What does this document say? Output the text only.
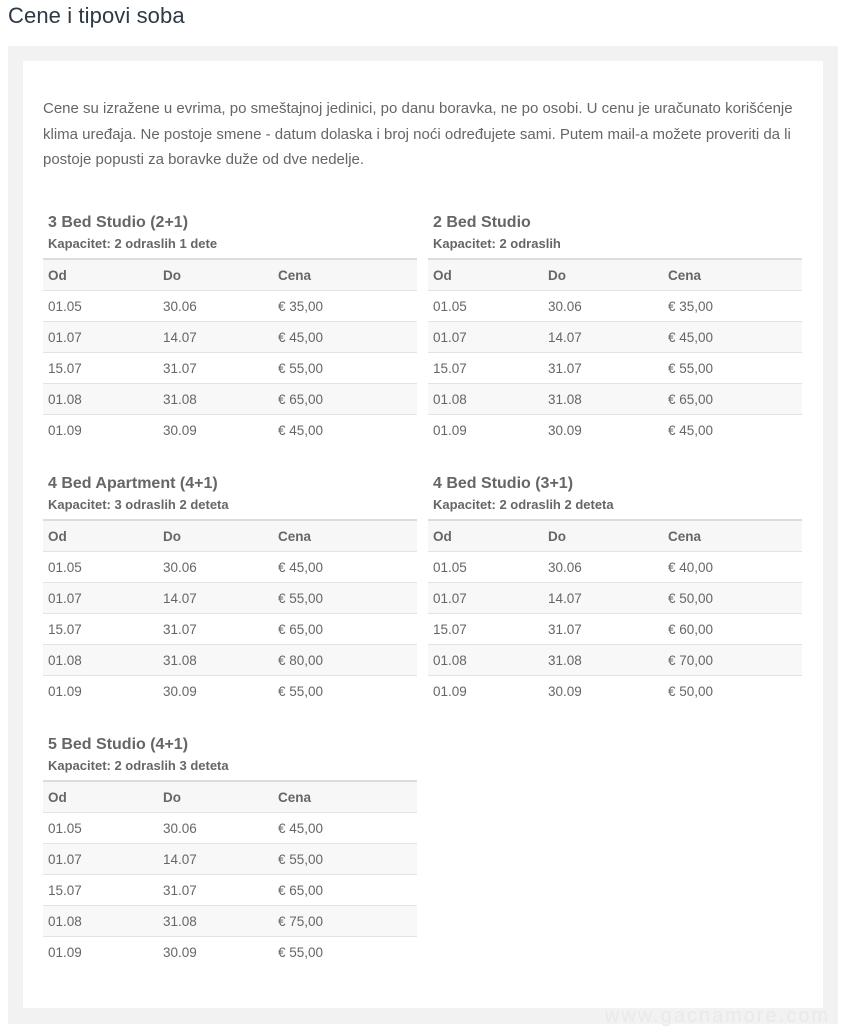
Cene i tipovi soba

Cene su izražene u evrima, po smeštajnoj jedinici, po danu boravka, ne po osobi. U cenu je uračunato korišćenje klima uređaja. Ne postoje smene - datum dolaska i broj noći određujete sami. Putem mail-a možete proveriti da li postoje popusti za boravke duže od dve nedelje.

3 Bed Studio (2+1)
Kapacitet: 2 odraslih 1 dete
Od	Do	Cena
01.05	30.06	€ 35,00
01.07	14.07	€ 45,00
15.07	31.07	€ 55,00
01.08	31.08	€ 65,00
01.09	30.09	€ 45,00
2 Bed Studio
Kapacitet: 2 odraslih
Od	Do	Cena
01.05	30.06	€ 35,00
01.07	14.07	€ 45,00
15.07	31.07	€ 55,00
01.08	31.08	€ 65,00
01.09	30.09	€ 45,00
4 Bed Apartment (4+1)
Kapacitet: 3 odraslih 2 deteta
Od	Do	Cena
01.05	30.06	€ 45,00
01.07	14.07	€ 55,00
15.07	31.07	€ 65,00
01.08	31.08	€ 80,00
01.09	30.09	€ 55,00
4 Bed Studio (3+1)
Kapacitet: 2 odraslih 2 deteta
Od	Do	Cena
01.05	30.06	€ 40,00
01.07	14.07	€ 50,00
15.07	31.07	€ 60,00
01.08	31.08	€ 70,00
01.09	30.09	€ 50,00
5 Bed Studio (4+1)
Kapacitet: 2 odraslih 3 deteta
Od	Do	Cena
01.05	30.06	€ 45,00
01.07	14.07	€ 55,00
15.07	31.07	€ 65,00
01.08	31.08	€ 75,00
01.09	30.09	€ 55,00
www.gacnamore.com
